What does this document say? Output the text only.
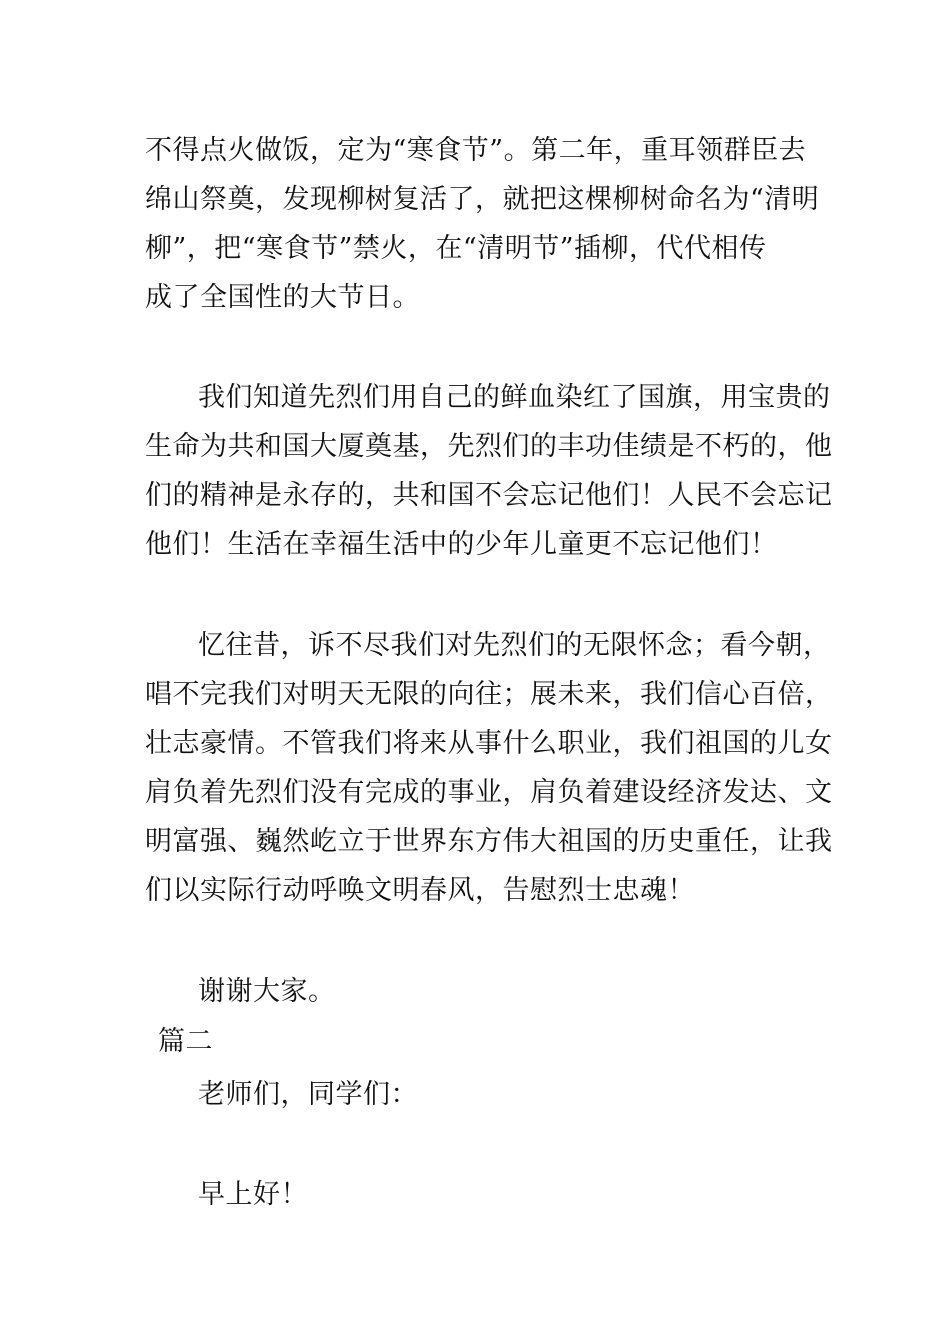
不得点火做饭，定为“寒食节”。第二年，重耳领群臣去
绵山祭奠，发现柳树复活了，就把这棵柳树命名为“清明
柳”，把“寒食节”禁火，在“清明节”插柳，代代相传
成了全国性的大节日。
我们知道先烈们用自己的鲜血染红了国旗，用宝贵的
生命为共和国大厦奠基，先烈们的丰功佳绩是不朽的，他
们的精神是永存的，共和国不会忘记他们！人民不会忘记
他们！生活在幸福生活中的少年儿童更不忘记他们！
忆往昔，诉不尽我们对先烈们的无限怀念；看今朝，
唱不完我们对明天无限的向往；展未来，我们信心百倍，
壮志豪情。不管我们将来从事什么职业，我们祖国的儿女
肩负着先烈们没有完成的事业，肩负着建设经济发达、文
明富强、巍然屹立于世界东方伟大祖国的历史重任，让我
们以实际行动呼唤文明春风，告慰烈士忠魂！
谢谢大家。
篇二
老师们，同学们：
早上好！
